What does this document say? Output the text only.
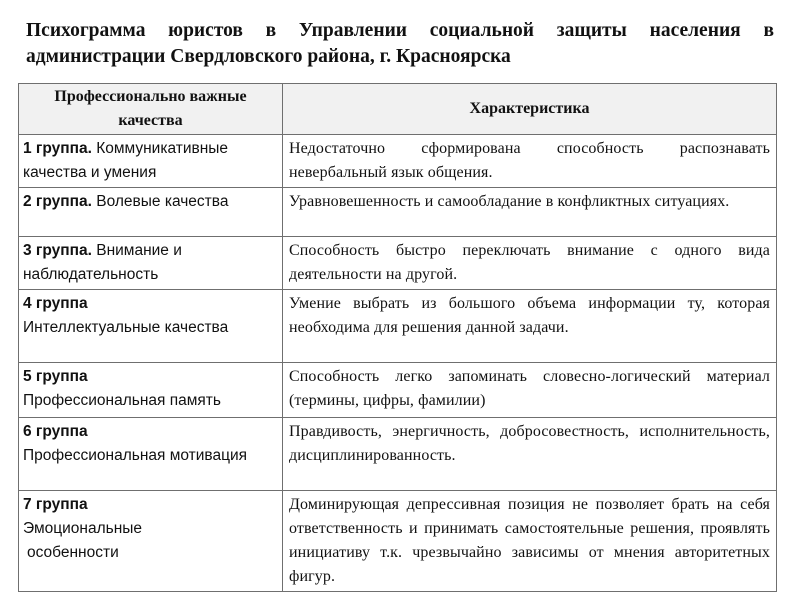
Психограмма юристов в Управлении социальной защиты населения в администрации Свердловского района, г. Красноярска
Профессионально важные качества	Характеристика
1 группа. Коммуникативные качества и умения	Недостаточно сформирована способность распознавать невербальный язык общения.
2 группа. Волевые качества	Уравновешенность и самообладание в конфликтных ситуациях.
3 группа. Внимание и наблюдательность	Способность быстро переключать внимание с одного вида деятельности на другой.

4 группа
Интеллектуальные качества	Умение выбрать из большого объема информации ту, которая необходима для решения данной задачи.

5 группа
Профессиональная память	Способность легко запоминать словесно-логический материал (термины, цифры, фамилии)

6 группа
Профессиональная мотивация	Правдивость, энергичность, добросовестность, исполнительность, дисциплинированность.

7 группа
Эмоциональные
особенности	Доминирующая депрессивная позиция не позволяет брать на себя ответственность и принимать самостоятельные решения, проявлять инициативу т.к. чрезвычайно зависимы от мнения авторитетных фигур.
